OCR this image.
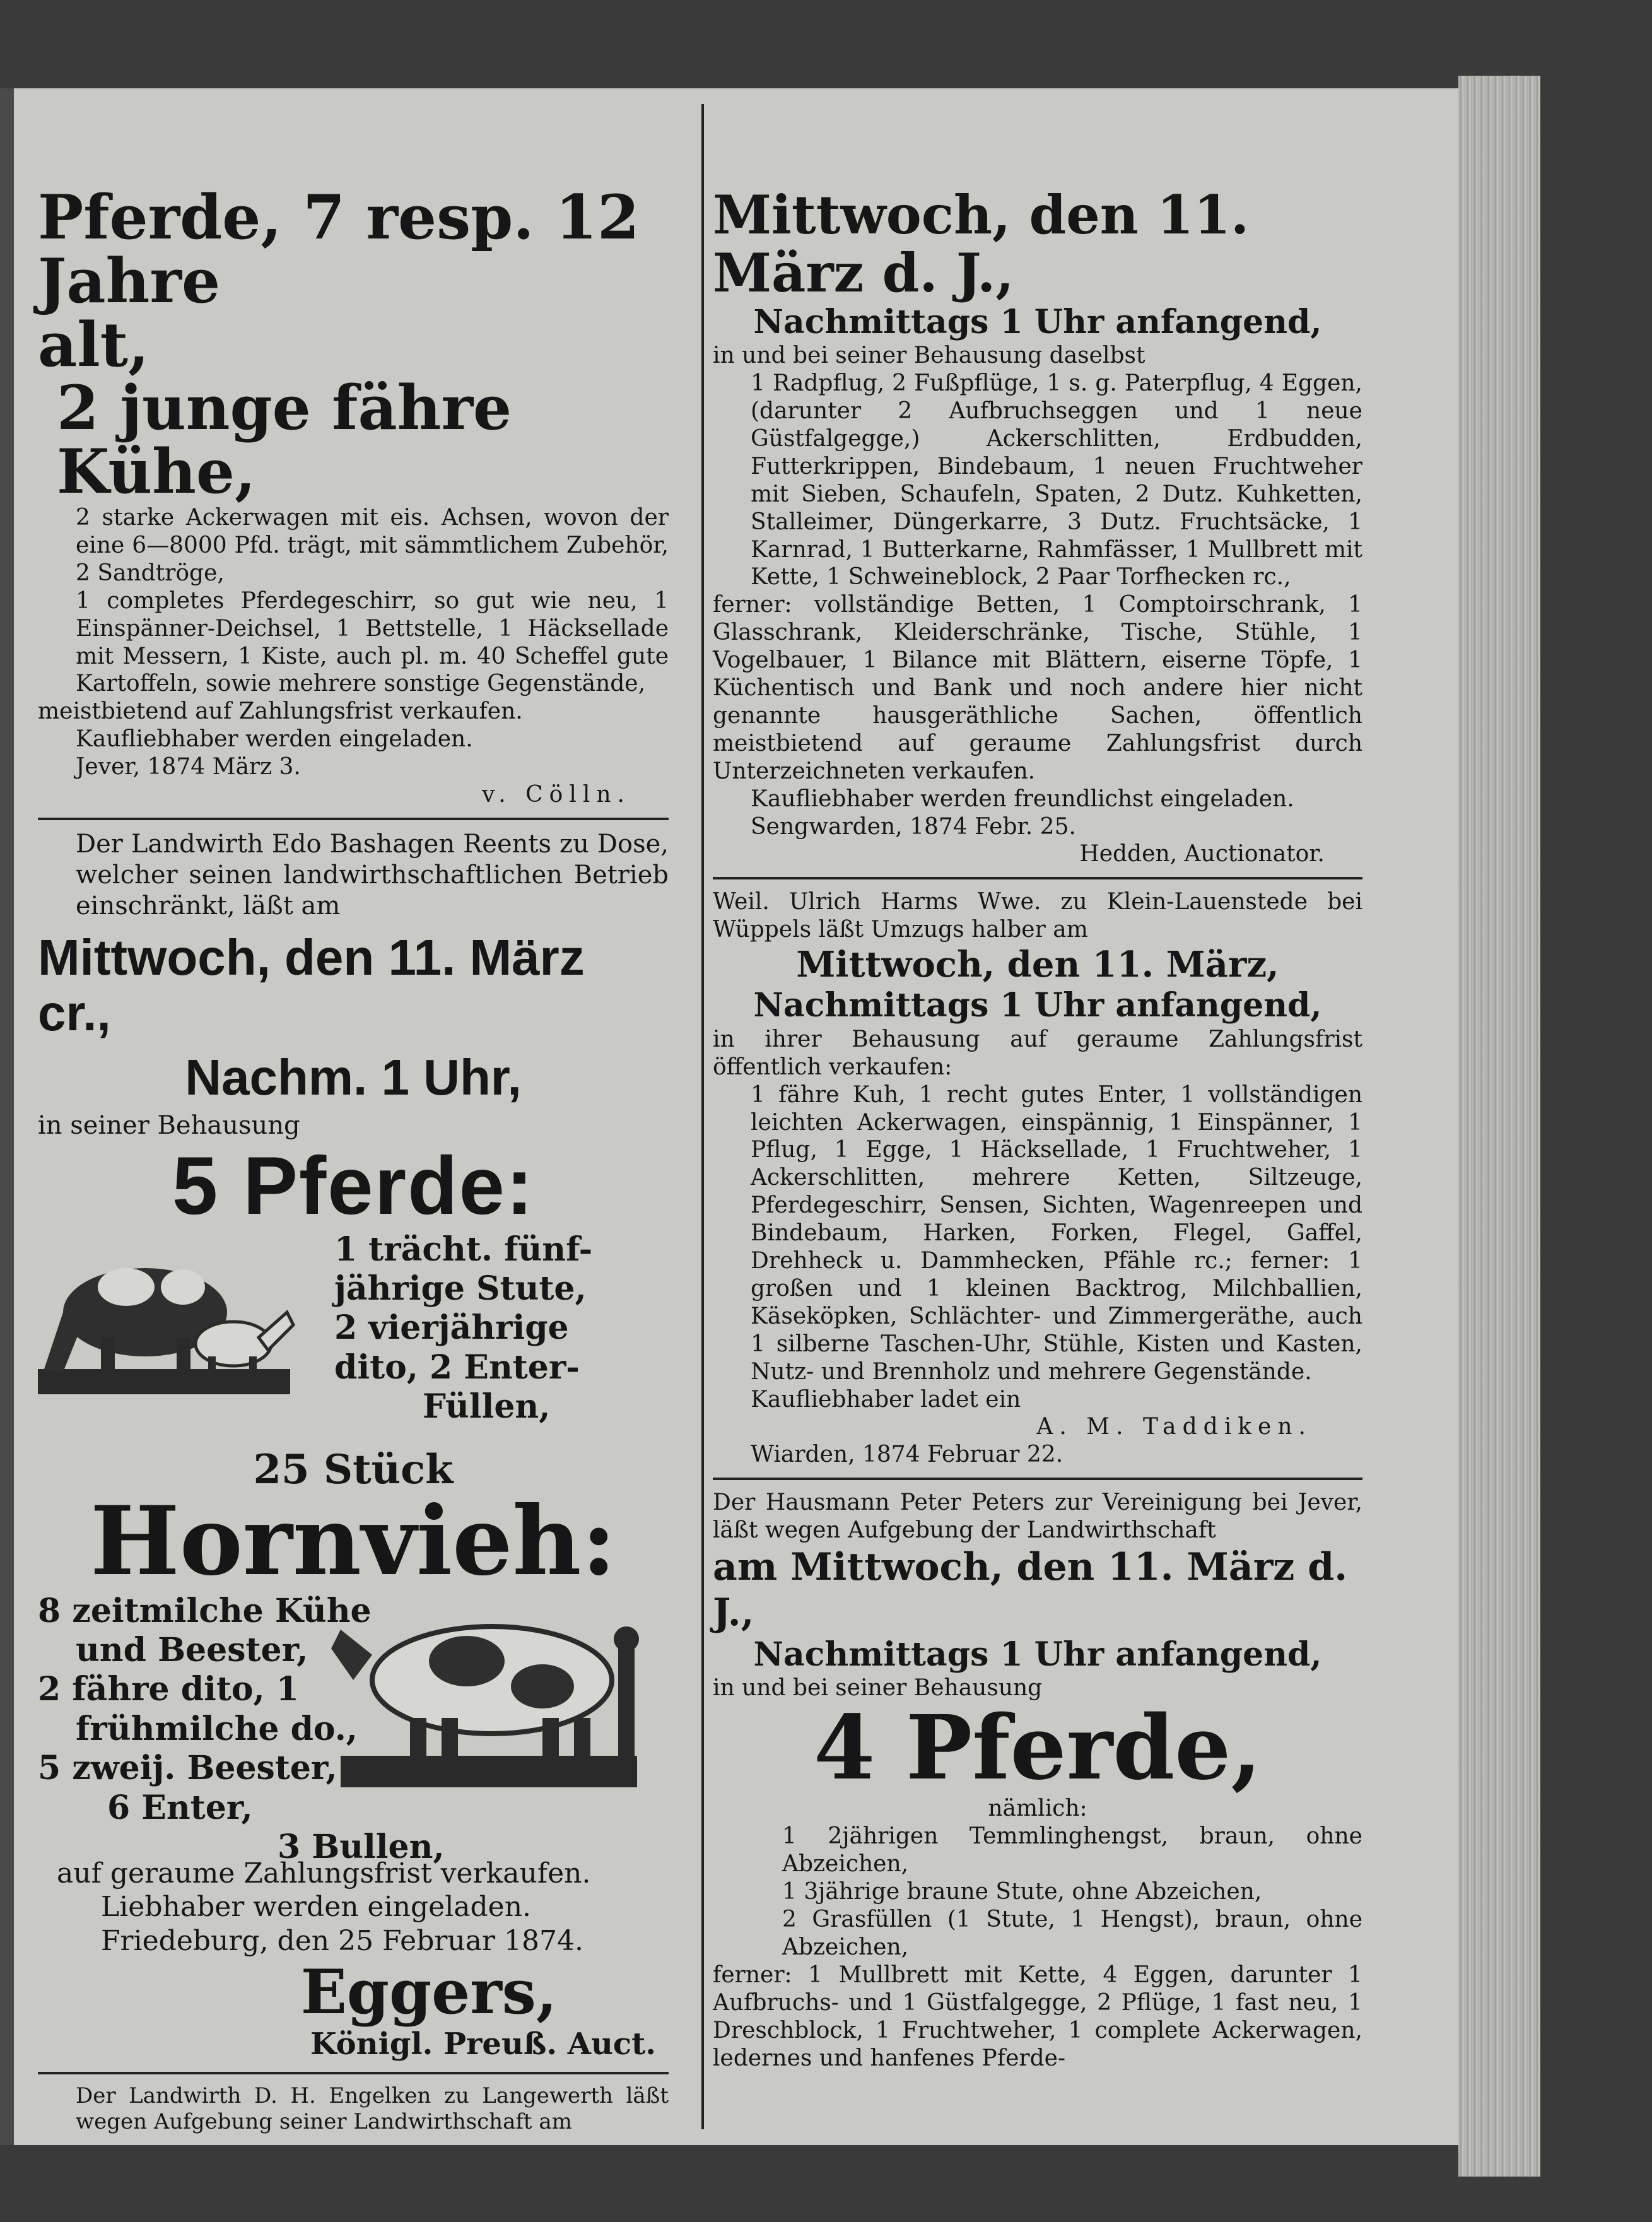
Pferde, 7 resp. 12 Jahre

alt,

2 junge fähre Kühe,

2 starke Ackerwagen mit eis. Achsen, wovon der eine 6—8000 Pfd. trägt, mit sämmtlichem Zubehör, 2 Sandtröge,

1 completes Pferdegeschirr, so gut wie neu, 1 Einspänner-Deichsel, 1 Bettstelle, 1 Häcksellade mit Messern, 1 Kiste, auch pl. m. 40 Scheffel gute Kartoffeln, sowie mehrere sonstige Gegenstände,

meistbietend auf Zahlungsfrist verkaufen.

Kaufliebhaber werden eingeladen.

Jever, 1874 März 3.

v. Cölln.

Der Landwirth Edo Bashagen Reents zu Dose, welcher seinen landwirthschaftlichen Betrieb einschränkt, läßt am

Mittwoch, den 11. März cr.,

Nachm. 1 Uhr,

in seiner Behausung

5 Pferde:

1 trächt. fünf-

jährige Stute,

2 vierjährige

dito, 2 Enter-

Füllen,

25 Stück

Hornvieh:

8 zeitmilche Kühe

und Beester,

2 fähre dito, 1

frühmilche do.,

5 zweij. Beester,

6 Enter,

3 Bullen,

auf geraume Zahlungsfrist verkaufen.

Liebhaber werden eingeladen.

Friedeburg, den 25 Februar 1874.

Eggers,

Königl. Preuß. Auct.

Der Landwirth D. H. Engelken zu Langewerth läßt wegen Aufgebung seiner Landwirthschaft am

Mittwoch, den 11. März d. J.,

Nachmittags 1 Uhr anfangend,

in und bei seiner Behausung daselbst

1 Radpflug, 2 Fußpflüge, 1 s. g. Paterpflug, 4 Eggen, (darunter 2 Aufbruchseggen und 1 neue Güstfalgegge,) Ackerschlitten, Erdbudden, Futterkrippen, Bindebaum, 1 neuen Fruchtweher mit Sieben, Schaufeln, Spaten, 2 Dutz. Kuhketten, Stalleimer, Düngerkarre, 3 Dutz. Fruchtsäcke, 1 Karnrad, 1 Butterkarne, Rahmfässer, 1 Mullbrett mit Kette, 1 Schweineblock, 2 Paar Torfhecken rc.,

ferner: vollständige Betten, 1 Comptoirschrank, 1 Glasschrank, Kleiderschränke, Tische, Stühle, 1 Vogelbauer, 1 Bilance mit Blättern, eiserne Töpfe, 1 Küchentisch und Bank und noch andere hier nicht genannte hausgeräthliche Sachen, öffentlich meistbietend auf geraume Zahlungsfrist durch Unterzeichneten verkaufen.

Kaufliebhaber werden freundlichst eingeladen.

Sengwarden, 1874 Febr. 25.

Hedden, Auctionator.

Weil. Ulrich Harms Wwe. zu Klein-Lauenstede bei Wüppels läßt Umzugs halber am

Mittwoch, den 11. März,

Nachmittags 1 Uhr anfangend,

in ihrer Behausung auf geraume Zahlungsfrist öffentlich verkaufen:

1 fähre Kuh, 1 recht gutes Enter, 1 vollständigen leichten Ackerwagen, einspännig, 1 Einspänner, 1 Pflug, 1 Egge, 1 Häcksellade, 1 Fruchtweher, 1 Ackerschlitten, mehrere Ketten, Siltzeuge, Pferdegeschirr, Sensen, Sichten, Wagenreepen und Bindebaum, Harken, Forken, Flegel, Gaffel, Drehheck u. Dammhecken, Pfähle rc.; ferner: 1 großen und 1 kleinen Backtrog, Milchballien, Käseköpken, Schlächter- und Zimmergeräthe, auch 1 silberne Taschen-Uhr, Stühle, Kisten und Kasten, Nutz- und Brennholz und mehrere Gegenstände.

Kaufliebhaber ladet ein

A. M. Taddiken.

Wiarden, 1874 Februar 22.

Der Hausmann Peter Peters zur Vereinigung bei Jever, läßt wegen Aufgebung der Landwirthschaft

am Mittwoch, den 11. März d. J.,

Nachmittags 1 Uhr anfangend,

in und bei seiner Behausung

4 Pferde,

nämlich:

1 2jährigen Temmlinghengst, braun, ohne Abzeichen,

1 3jährige braune Stute, ohne Abzeichen,

2 Grasfüllen (1 Stute, 1 Hengst), braun, ohne Abzeichen,

ferner: 1 Mullbrett mit Kette, 4 Eggen, darunter 1 Aufbruchs- und 1 Güstfalgegge, 2 Pflüge, 1 fast neu, 1 Dreschblock, 1 Fruchtweher, 1 complete Ackerwagen, ledernes und hanfenes Pferde-
